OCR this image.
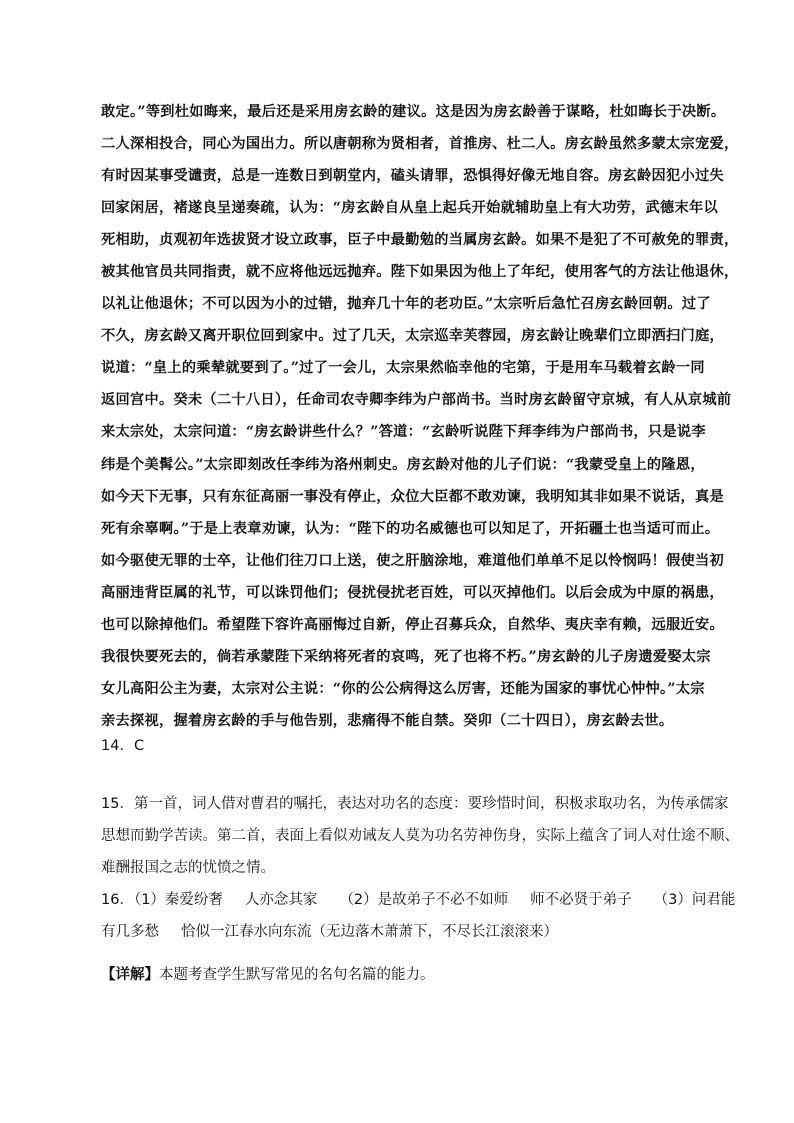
敢定。”等到杜如晦来，最后还是采用房玄龄的建议。这是因为房玄龄善于谋略，杜如晦长于决断。

二人深相投合，同心为国出力。所以唐朝称为贤相者，首推房、杜二人。房玄龄虽然多蒙太宗宠爱，

有时因某事受谴责，总是一连数日到朝堂内，磕头请罪，恐惧得好像无地自容。房玄龄因犯小过失

回家闲居，褚遂良呈递奏疏，认为：“房玄龄自从皇上起兵开始就辅助皇上有大功劳，武德末年以

死相助，贞观初年选拔贤才设立政事，臣子中最勤勉的当属房玄龄。如果不是犯了不可赦免的罪责，

被其他官员共同指责，就不应将他远远抛弃。陛下如果因为他上了年纪，使用客气的方法让他退休，

以礼让他退休；不可以因为小的过错，抛弃几十年的老功臣。”太宗听后急忙召房玄龄回朝。过了

不久，房玄龄又离开职位回到家中。过了几天，太宗巡幸芙蓉园，房玄龄让晚辈们立即洒扫门庭，

说道：“皇上的乘辇就要到了。”过了一会儿，太宗果然临幸他的宅第，于是用车马载着玄龄一同

返回宫中。癸未（二十八日），任命司农寺卿李纬为户部尚书。当时房玄龄留守京城，有人从京城前

来太宗处，太宗问道：“房玄龄讲些什么？”答道：“玄龄听说陛下拜李纬为户部尚书，只是说李

纬是个美髯公。”太宗即刻改任李纬为洛州刺史。房玄龄对他的儿子们说：“我蒙受皇上的隆恩，

如今天下无事，只有东征高丽一事没有停止，众位大臣都不敢劝谏，我明知其非如果不说话，真是

死有余辜啊。”于是上表章劝谏，认为：“陛下的功名威德也可以知足了，开拓疆土也当适可而止。

如今驱使无罪的士卒，让他们往刀口上送，使之肝脑涂地，难道他们单单不足以怜悯吗！假使当初

高丽违背臣属的礼节，可以诛罚他们；侵扰侵扰老百姓，可以灭掉他们。以后会成为中原的祸患，

也可以除掉他们。希望陛下容许高丽悔过自新，停止召募兵众，自然华、夷庆幸有赖，远服近安。

我很快要死去的，倘若承蒙陛下采纳将死者的哀鸣，死了也将不朽。”房玄龄的儿子房遗爱娶太宗

女儿高阳公主为妻，太宗对公主说：“你的公公病得这么厉害，还能为国家的事忧心忡忡。”太宗

亲去探视，握着房玄龄的手与他告别，悲痛得不能自禁。癸卯（二十四日），房玄龄去世。

14．C

15．第一首，词人借对曹君的嘱托，表达对功名的态度：要珍惜时间，积极求取功名，为传承儒家

思想而勤学苦读。第二首，表面上看似劝诫友人莫为功名劳神伤身，实际上蕴含了词人对仕途不顺、

难酬报国之志的忧愤之情。

16．（1）秦爱纷奢 人亦念其家 （2）是故弟子不必不如师 师不必贤于弟子 （3）问君能

有几多愁 恰似一江春水向东流（无边落木萧萧下，不尽长江滚滚来）

【详解】本题考查学生默写常见的名句名篇的能力。
